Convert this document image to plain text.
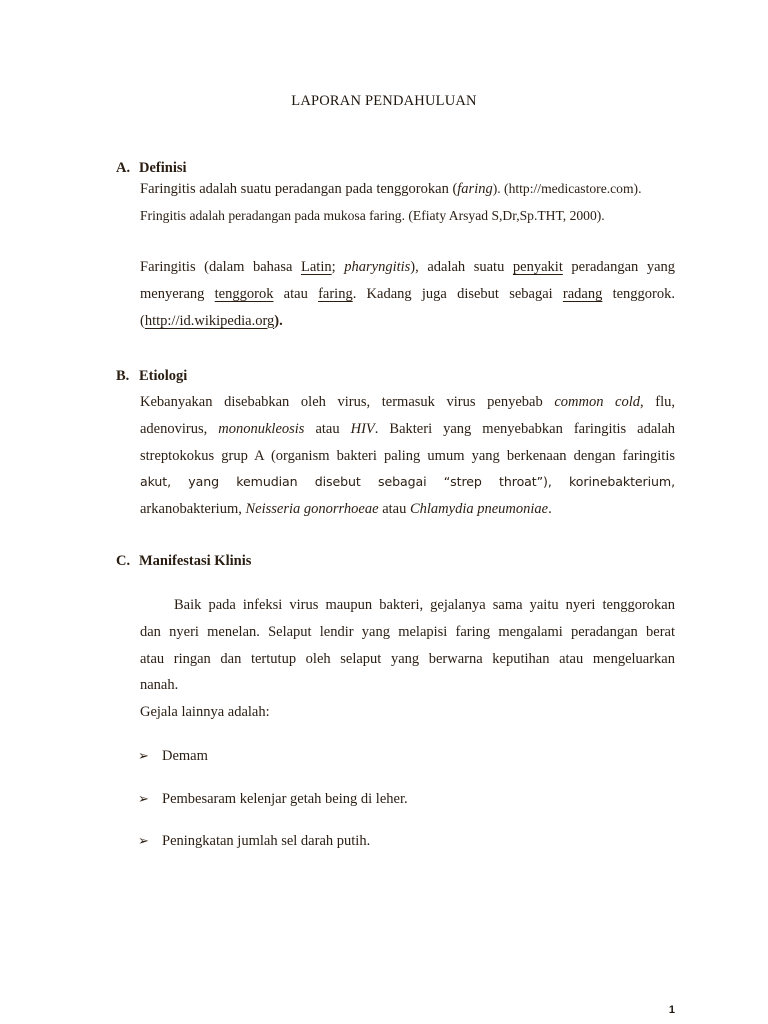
LAPORAN PENDAHULUAN
A. Definisi
Faringitis adalah suatu peradangan pada tenggorokan (faring). (http://medicastore.com).
Fringitis adalah peradangan pada mukosa faring. (Efiaty Arsyad S,Dr,Sp.THT, 2000).
Faringitis (dalam bahasa Latin; pharyngitis), adalah suatu penyakit peradangan yang
menyerang tenggorok atau faring. Kadang juga disebut sebagai radang tenggorok.
(http://id.wikipedia.org).
B. Etiologi
Kebanyakan disebabkan oleh virus, termasuk virus penyebab common cold, flu,
adenovirus, mononukleosis atau HIV. Bakteri yang menyebabkan faringitis adalah
streptokokus grup A (organism bakteri paling umum yang berkenaan dengan faringitis
akut, yang kemudian disebut sebagai “strep throat”), korinebakterium,
arkanobakterium, Neisseria gonorrhoeae atau Chlamydia pneumoniae.
C. Manifestasi Klinis
Baik pada infeksi virus maupun bakteri, gejalanya sama yaitu nyeri tenggorokan
dan nyeri menelan. Selaput lendir yang melapisi faring mengalami peradangan berat
atau ringan dan tertutup oleh selaput yang berwarna keputihan atau mengeluarkan
nanah.
Gejala lainnya adalah:
➢ Demam
➢ Pembesaram kelenjar getah being di leher.
➢ Peningkatan jumlah sel darah putih.
1
